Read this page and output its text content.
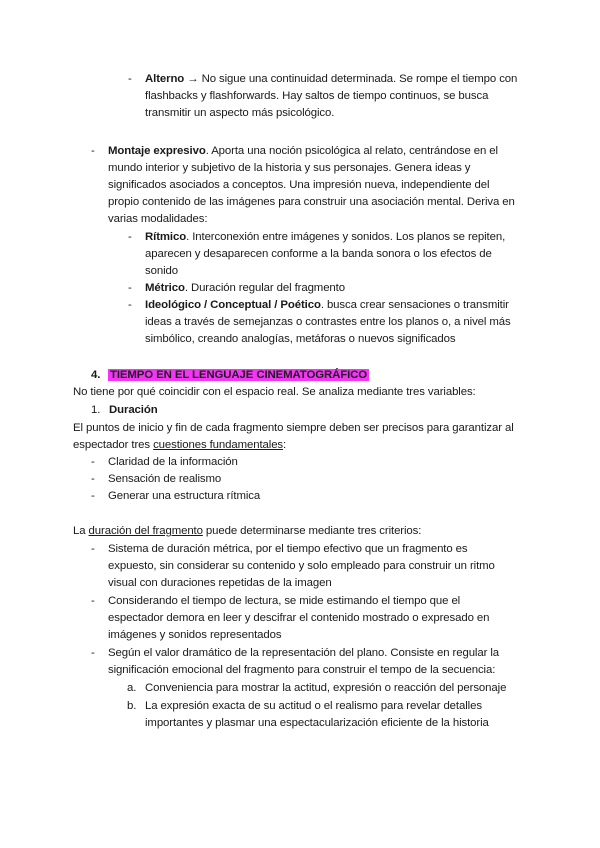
- Alterno → No sigue una continuidad determinada. Se rompe el tiempo con
flashbacks y flashforwards. Hay saltos de tiempo continuos, se busca
transmitir un aspecto más psicológico.
- Montaje expresivo. Aporta una noción psicológica al relato, centrándose en el
mundo interior y subjetivo de la historia y sus personajes. Genera ideas y
significados asociados a conceptos. Una impresión nueva, independiente del
propio contenido de las imágenes para construir una asociación mental. Deriva en
varias modalidades:
- Rítmico. Interconexión entre imágenes y sonidos. Los planos se repiten,
aparecen y desaparecen conforme a la banda sonora o los efectos de
sonido
- Métrico. Duración regular del fragmento
- Ideológico / Conceptual / Poético. busca crear sensaciones o transmitir
ideas a través de semejanzas o contrastes entre los planos o, a nivel más
simbólico, creando analogías, metáforas o nuevos significados
4. TIEMPO EN EL LENGUAJE CINEMATOGRÁFICO
No tiene por qué coincidir con el espacio real. Se analiza mediante tres variables:
1. Duración
El puntos de inicio y fin de cada fragmento siempre deben ser precisos para garantizar al
espectador tres cuestiones fundamentales:
- Claridad de la información
- Sensación de realismo
- Generar una estructura rítmica
La duración del fragmento puede determinarse mediante tres criterios:
- Sistema de duración métrica, por el tiempo efectivo que un fragmento es
expuesto, sin considerar su contenido y solo empleado para construir un ritmo
visual con duraciones repetidas de la imagen
- Considerando el tiempo de lectura, se mide estimando el tiempo que el
espectador demora en leer y descifrar el contenido mostrado o expresado en
imágenes y sonidos representados
- Según el valor dramático de la representación del plano. Consiste en regular la
significación emocional del fragmento para construir el tempo de la secuencia:
a. Conveniencia para mostrar la actitud, expresión o reacción del personaje
b. La expresión exacta de su actitud o el realismo para revelar detalles
importantes y plasmar una espectacularización eficiente de la historia
